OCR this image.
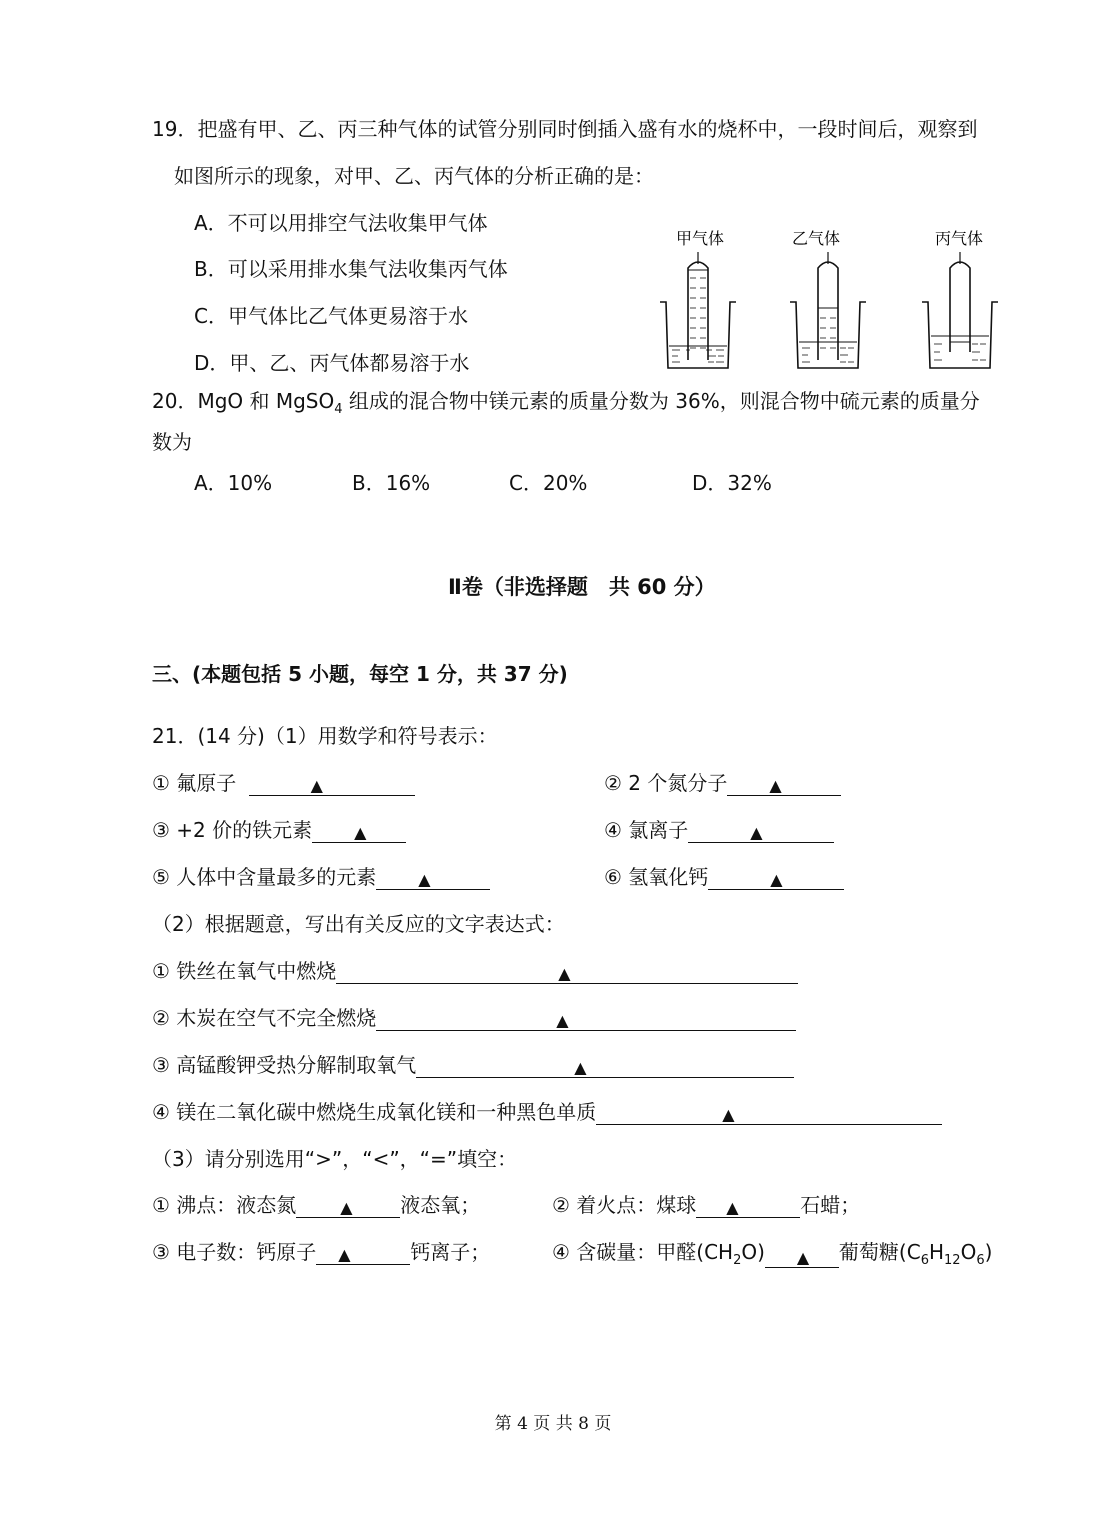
19．把盛有甲、乙、丙三种气体的试管分别同时倒插入盛有水的烧杯中，一段时间后，观察到
如图所示的现象，对甲、乙、丙气体的分析正确的是：
A．不可以用排空气法收集甲气体
B．可以采用排水集气法收集丙气体
C．甲气体比乙气体更易溶于水
D．甲、乙、丙气体都易溶于水
甲气体	乙气体	丙气体
20．MgO 和 MgSO$_4$ 组成的混合物中镁元素的质量分数为 36%，则混合物中硫元素的质量分
数为
A．10%	B．16%	C．20%	D．32%
Ⅱ卷（非选择题　共 60 分）
三、(本题包括 5 小题，每空 1 分，共 37 分)
21．(14 分)（1）用数学和符号表示：
① 氟原子	▲	② 2 个氮分子	▲
③ +2 价的铁元素	▲	④ 氯离子	▲
⑤ 人体中含量最多的元素	▲	⑥ 氢氧化钙	▲
（2）根据题意，写出有关反应的文字表达式：
① 铁丝在氧气中燃烧	▲
② 木炭在空气不完全燃烧	▲
③ 高锰酸钾受热分解制取氧气	▲
④ 镁在二氧化碳中燃烧生成氧化镁和一种黑色单质	▲
（3）请分别选用“>”，“<”，“=”填空：
① 沸点：液态氮	▲ 液态氧；	② 着火点：煤球 ▲	石蜡；
③ 电子数：钙原子 ▲	钙离子；	④ 含碳量：甲醛$(CH_2O)$ ▲ 葡萄糖$(C_6H_{12}O_6)$
第 4 页 共 8 页
